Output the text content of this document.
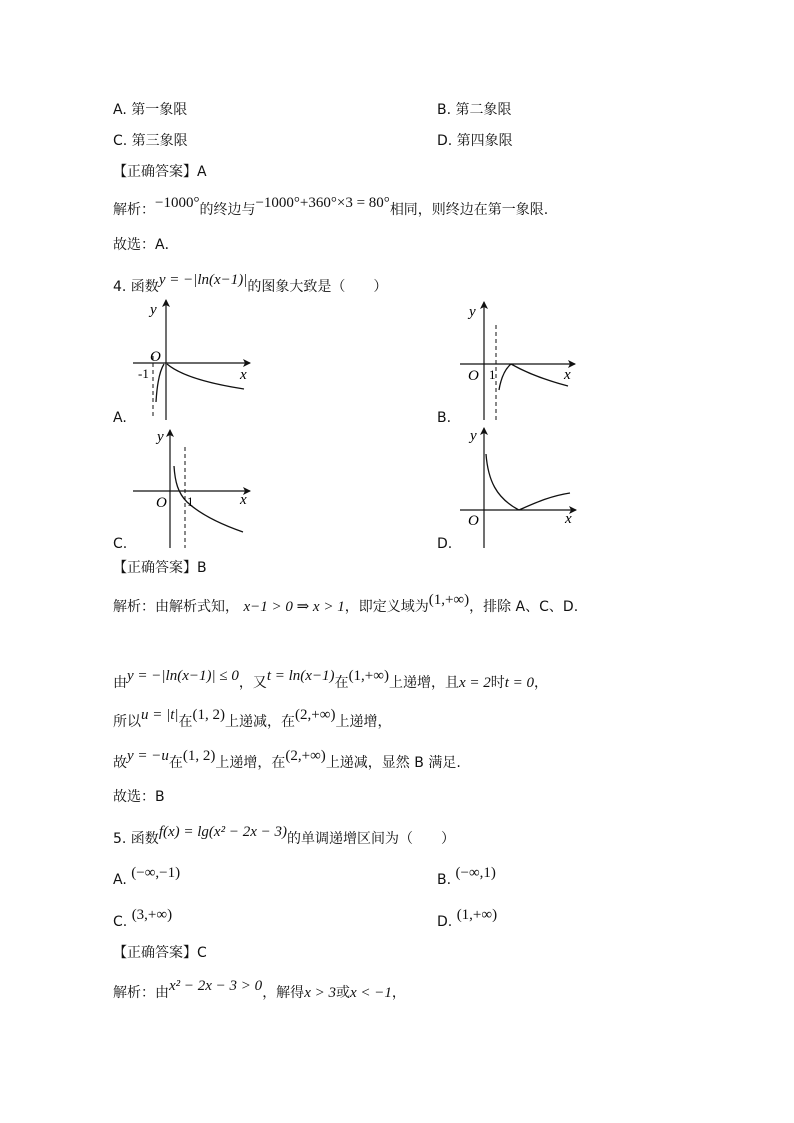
A. 第一象限	B. 第二象限
C. 第三象限	D. 第四象限
【正确答案】A
解析：−1000°的终边与−1000°+360°×3 = 80°相同，则终边在第一象限.
故选：A．
4. 函数y = −|ln(x−1)|的图象大致是（　　）
y
x
O
-1
y
x
O 1
y
x
O 1
y
x
O
A.	B.
C.	D.
【正确答案】B
解析：由解析式知， x−1 > 0 ⇒ x > 1，即定义域为(1,+∞)，排除 A、C、D.
由y = −|ln(x−1)| ≤ 0，又t = ln(x−1)在(1,+∞)上递增，且x = 2时t = 0，
所以u = |t|在(1, 2)上递减，在(2,+∞)上递增，
故y = −u在(1, 2)上递增，在(2,+∞)上递减，显然 B 满足.
故选：B
5. 函数f(x) = lg(x² − 2x − 3)的单调递增区间为（　　）
A. (−∞,−1)	B. (−∞,1)
C. (3,+∞)	D. (1,+∞)
【正确答案】C
解析：由x² − 2x − 3 > 0，解得x > 3或x < −1，
